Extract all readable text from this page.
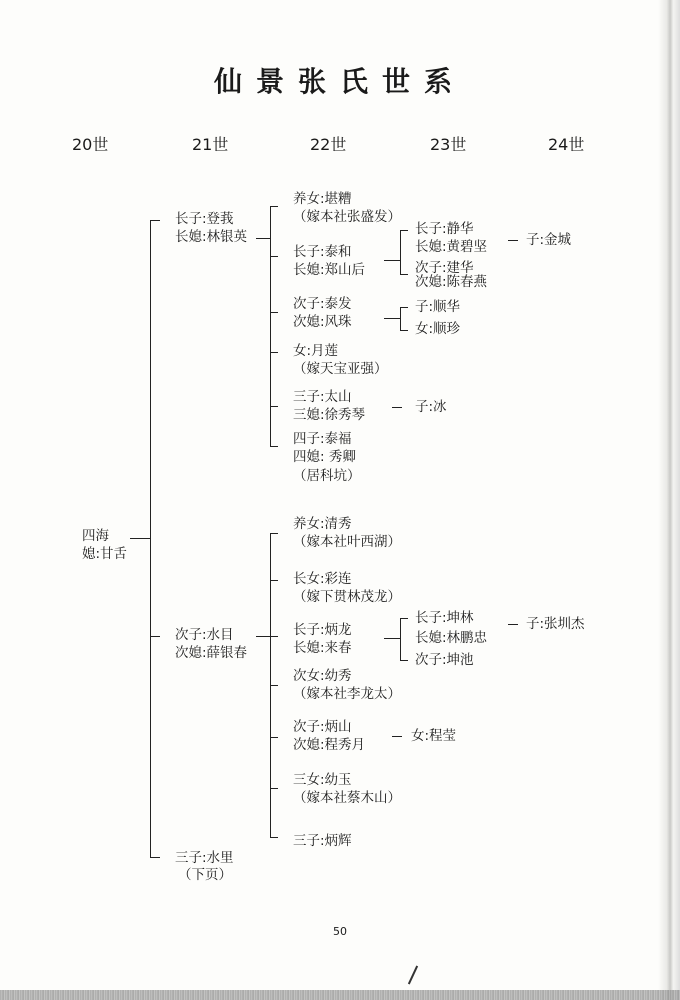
仙景张氏世系
20世	21世	22世	23世	24世
四海
媳:甘舌
长子:登莪
长媳:林银英
次子:水目
次媳:薛银春
三子:水里
（下页）
养女:堪糟
（嫁本社张盛发）
长子:泰和
长媳:郑山后
次子:泰发
次媳:风珠
女:月莲
（嫁天宝亚强）
三子:太山
三媳:徐秀琴
四子:泰福
四媳: 秀卿
（居科坑）
长子:静华
长媳:黄碧坚
次子:建华
次媳:陈春燕
子:金城
子:顺华
女:顺珍
子:冰
养女:清秀
（嫁本社叶西湖）
长女:彩连
（嫁下贯林茂龙）
长子:炳龙
长媳:来春
次女:幼秀
（嫁本社李龙太）
次子:炳山
次媳:程秀月
三女:幼玉
（嫁本社蔡木山）
三子:炳辉
长子:坤林
长媳:林鹏忠
次子:坤池
子:张圳杰
女:程莹
50
